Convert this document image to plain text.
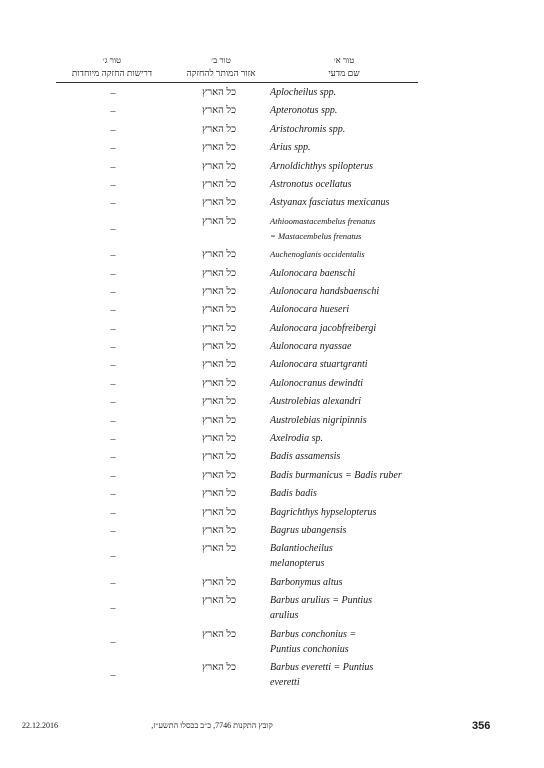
טור א׳
שם מדעי
טור ב׳
אזור המותר להחזקה
טור ג׳
דרישות החזקה מיוחדות
Aplocheilus spp.
כל הארץ
–
Apteronotus spp.
כל הארץ
–
Aristochromis spp.
כל הארץ
–
Arius spp.
כל הארץ
–
Arnoldichthys spilopterus
כל הארץ
–
Astronotus ocellatus
כל הארץ
–
Astyanax fasciatus mexicanus
כל הארץ
–
Athioomastacembelus frenatus
= Mastacembelus frenatus
כל הארץ
–
Auchenoglanis occidentalis
כל הארץ
–
Aulonocara baenschi
כל הארץ
–
Aulonocara handsbaenschi
כל הארץ
–
Aulonocara hueseri
כל הארץ
–
Aulonocara jacobfreibergi
כל הארץ
–
Aulonocara nyassae
כל הארץ
–
Aulonocara stuartgranti
כל הארץ
–
Aulonocranus dewindti
כל הארץ
–
Austrolebias alexandri
כל הארץ
–
Austrolebias nigripinnis
כל הארץ
–
Axelrodia sp.
כל הארץ
–
Badis assamensis
כל הארץ
–
Badis burmanicus = Badis ruber
כל הארץ
–
Badis badis
כל הארץ
–
Bagrichthys hypselopterus
כל הארץ
–
Bagrus ubangensis
כל הארץ
–
Balantiocheilus
melanopterus
כל הארץ
–
Barbonymus altus
כל הארץ
–
Barbus arulius = Puntius
arulius
כל הארץ
–
Barbus conchonius =
Puntius conchonius
כל הארץ
–
Barbus everetti = Puntius
everetti
כל הארץ
–
22.12.2016	קובץ התקנות 7746, כ״ב בכסלו התשע״ז,	356
